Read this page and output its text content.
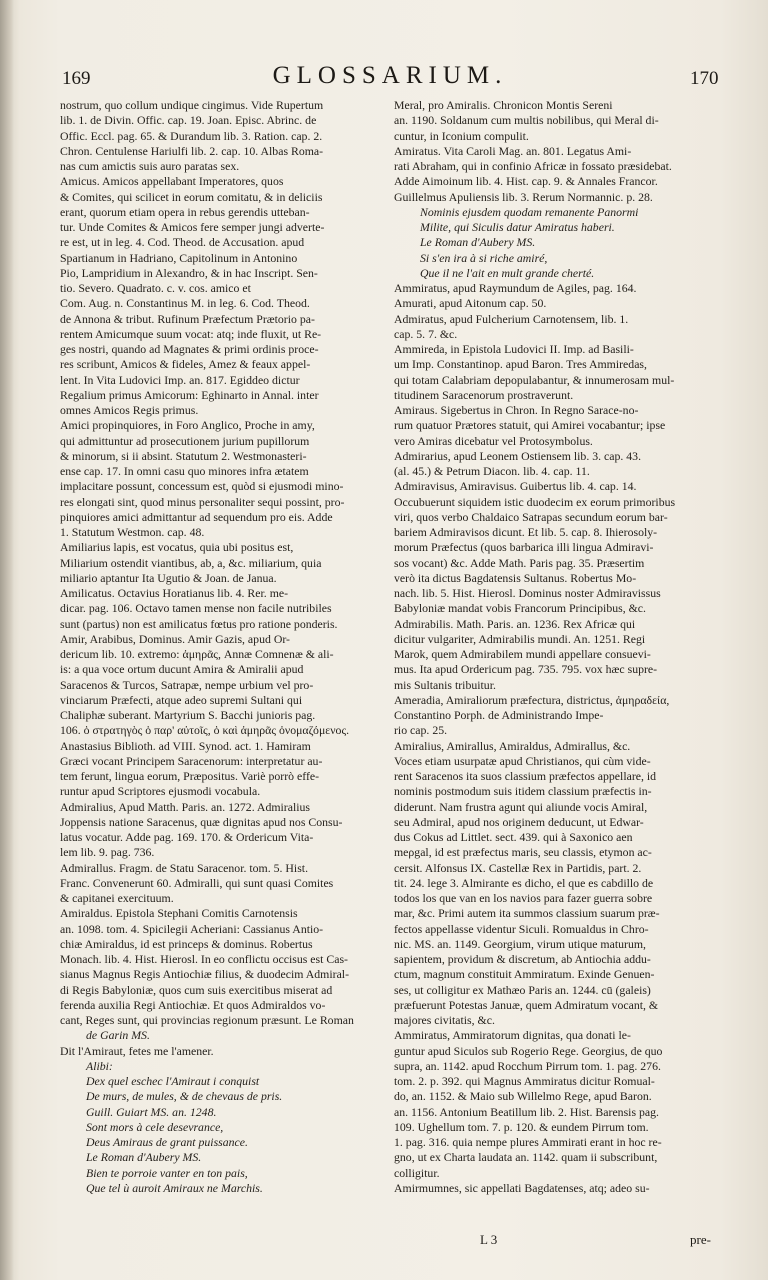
169	GLOSSARIUM.	170

nostrum, quo collum undique cingimus. Vide Rupertum

lib. 1. de Divin. Offic. cap. 19. Joan. Episc. Abrinc. de

Offic. Eccl. pag. 65. & Durandum lib. 3. Ration. cap. 2.

Chron. Centulense Hariulfi lib. 2. cap. 10. Albas Roma-

nas cum amictis suis auro paratas sex.

Amicus. Amicos appellabant Imperatores, quos

& Comites, qui scilicet in eorum comitatu, & in deliciis

erant, quorum etiam opera in rebus gerendis utteban-

tur. Unde Comites & Amicos fere semper jungi adverte-

re est, ut in leg. 4. Cod. Theod. de Accusation. apud

Spartianum in Hadriano, Capitolinum in Antonino

Pio, Lampridium in Alexandro, & in hac Inscript. Sen-

tio. Severo. Quadrato. c. v. cos. amico et

Com. Aug. n. Constantinus M. in leg. 6. Cod. Theod.

de Annona & tribut. Rufinum Præfectum Prætorio pa-

rentem Amicumque suum vocat: atq; inde fluxit, ut Re-

ges nostri, quando ad Magnates & primi ordinis proce-

res scribunt, Amicos & fideles, Amez & feaux appel-

lent. In Vita Ludovici Imp. an. 817. Egiddeo dictur

Regalium primus Amicorum: Eghinarto in Annal. inter

omnes Amicos Regis primus.

Amici propinquiores, in Foro Anglico, Proche in amy,

qui admittuntur ad prosecutionem jurium pupillorum

& minorum, si ii absint. Statutum 2. Westmonasteri-

ense cap. 17. In omni casu quo minores infra ætatem

implacitare possunt, concessum est, quòd si ejusmodi mino-

res elongati sint, quod minus personaliter sequi possint, pro-

pinquiores amici admittantur ad sequendum pro eis. Adde

1. Statutum Westmon. cap. 48.

Amiliarius lapis, est vocatus, quia ubi positus est,

Miliarium ostendit viantibus, ab, a, &c. miliarium, quia

miliario aptantur Ita Ugutio & Joan. de Janua.

Amilicatus. Octavius Horatianus lib. 4. Rer. me-

dicar. pag. 106. Octavo tamen mense non facile nutribiles

sunt (partus) non est amilicatus fœtus pro ratione ponderis.

Amir, Arabibus, Dominus. Amir Gazis, apud Or-

dericum lib. 10. extremo: ἀμηρᾶς, Annæ Comnenæ & ali-

is: a qua voce ortum ducunt Amira & Amiralii apud

Saracenos & Turcos, Satrapæ, nempe urbium vel pro-

vinciarum Præfecti, atque adeo supremi Sultani qui

Chaliphæ suberant. Martyrium S. Bacchi junioris pag.

106. ὁ στρατηγὸς ὁ παρ' αὐτοῖς, ὁ καὶ ἀμηρᾶς ὀνομαζόμενος.

Anastasius Biblioth. ad VIII. Synod. act. 1. Hamiram

Græci vocant Principem Saracenorum: interpretatur au-

tem ferunt, lingua eorum, Præpositus. Variè porrò effe-

runtur apud Scriptores ejusmodi vocabula.

Admiralius, Apud Matth. Paris. an. 1272. Admiralius

Joppensis natione Saracenus, quæ dignitas apud nos Consu-

latus vocatur. Adde pag. 169. 170. & Ordericum Vita-

lem lib. 9. pag. 736.

Admirallus. Fragm. de Statu Saracenor. tom. 5. Hist.

Franc. Convenerunt 60. Admiralli, qui sunt quasi Comites

& capitanei exercituum.

Amiraldus. Epistola Stephani Comitis Carnotensis

an. 1098. tom. 4. Spicilegii Acheriani: Cassianus Antio-

chiæ Amiraldus, id est princeps & dominus. Robertus

Monach. lib. 4. Hist. Hierosl. In eo conflictu occisus est Cas-

sianus Magnus Regis Antiochiæ filius, & duodecim Admiral-

di Regis Babyloniæ, quos cum suis exercitibus miserat ad

ferenda auxilia Regi Antiochiæ. Et quos Admiraldos vo-

cant, Reges sunt, qui provincias regionum præsunt. Le Roman

de Garin MS.

Dit l'Amiraut, fetes me l'amener.

Alibi:

Dex quel eschec l'Amiraut i conquist

De murs, de mules, & de chevaus de pris.

Guill. Guiart MS. an. 1248.

Sont mors à cele desevrance,

Deus Amiraus de grant puissance.

Le Roman d'Aubery MS.

Bien te porroie vanter en ton pais,

Que tel ù auroit Amiraux ne Marchis.

Meral, pro Amiralis. Chronicon Montis Sereni

an. 1190. Soldanum cum multis nobilibus, qui Meral di-

cuntur, in Iconium compulit.

Amiratus. Vita Caroli Mag. an. 801. Legatus Ami-

rati Abraham, qui in confinio Africæ in fossato præsidebat.

Adde Aimoinum lib. 4. Hist. cap. 9. & Annales Francor.

Guillelmus Apuliensis lib. 3. Rerum Normannic. p. 28.

Nominis ejusdem quodam remanente Panormi

Milite, qui Siculis datur Amiratus haberi.

Le Roman d'Aubery MS.

Si s'en ira à si riche amiré,

Que il ne l'ait en mult grande cherté.

Ammiratus, apud Raymundum de Agiles, pag. 164.

Amurati, apud Aitonum cap. 50.

Admiratus, apud Fulcherium Carnotensem, lib. 1.

cap. 5. 7. &c.

Ammireda, in Epistola Ludovici II. Imp. ad Basili-

um Imp. Constantinop. apud Baron. Tres Ammiredas,

qui totam Calabriam depopulabantur, & innumerosam mul-

titudinem Saracenorum prostraverunt.

Amiraus. Sigebertus in Chron. In Regno Sarace-no-

rum quatuor Prætores statuit, qui Amirei vocabantur; ipse

vero Amiras dicebatur vel Protosymbolus.

Admirarius, apud Leonem Ostiensem lib. 3. cap. 43.

(al. 45.) & Petrum Diacon. lib. 4. cap. 11.

Admiravisus, Amiravisus. Guibertus lib. 4. cap. 14.

Occubuerunt siquidem istic duodecim ex eorum primoribus

viri, quos verbo Chaldaico Satrapas secundum eorum bar-

bariem Admiravisos dicunt. Et lib. 5. cap. 8. Ihierosoly-

morum Præfectus (quos barbarica illi lingua Admiravi-

sos vocant) &c. Adde Math. Paris pag. 35. Præsertim

verò ita dictus Bagdatensis Sultanus. Robertus Mo-

nach. lib. 5. Hist. Hierosl. Dominus noster Admiravissus

Babyloniæ mandat vobis Francorum Principibus, &c.

Admirabilis. Math. Paris. an. 1236. Rex Africæ qui

dicitur vulgariter, Admirabilis mundi. An. 1251. Regi

Marok, quem Admirabilem mundi appellare consuevi-

mus. Ita apud Ordericum pag. 735. 795. vox hæc supre-

mis Sultanis tribuitur.

Ameradia, Amiraliorum præfectura, districtus, ἀμηραδεία,

Constantino Porph. de Administrando Impe-

rio cap. 25.

Amiralius, Amirallus, Amiraldus, Admirallus, &c.

Voces etiam usurpatæ apud Christianos, qui cùm vide-

rent Saracenos ita suos classium præfectos appellare, id

nominis postmodum suis itidem classium præfectis in-

diderunt. Nam frustra agunt qui aliunde vocis Amiral,

seu Admiral, apud nos originem deducunt, ut Edwar-

dus Cokus ad Littlet. sect. 439. qui à Saxonico aen

meρgal, id est præfectus maris, seu classis, etymon ac-

cersit. Alfonsus IX. Castellæ Rex in Partidis, part. 2.

tit. 24. lege 3. Almirante es dicho, el que es cabdillo de

todos los que van en los navios para fazer guerra sobre

mar, &c. Primi autem ita summos classium suarum præ-

fectos appellasse videntur Siculi. Romualdus in Chro-

nic. MS. an. 1149. Georgium, virum utique maturum,

sapientem, providum & discretum, ab Antiochia addu-

ctum, magnum constituit Ammiratum. Exinde Genuen-

ses, ut colligitur ex Mathæo Paris an. 1244. cū (galeis)

præfuerunt Potestas Januæ, quem Admiratum vocant, &

majores civitatis, &c.

Ammiratus, Ammiratorum dignitas, qua donati le-

guntur apud Siculos sub Rogerio Rege. Georgius, de quo

supra, an. 1142. apud Rocchum Pirrum tom. 1. pag. 276.

tom. 2. p. 392. qui Magnus Ammiratus dicitur Romual-

do, an. 1152. & Maio sub Willelmo Rege, apud Baron.

an. 1156. Antonium Beatillum lib. 2. Hist. Barensis pag.

109. Ughellum tom. 7. p. 120. & eundem Pirrum tom.

1. pag. 316. quia nempe plures Ammirati erant in hoc re-

gno, ut ex Charta laudata an. 1142. quam ii subscribunt,

colligitur.

Amirmumnes, sic appellati Bagdatenses, atq; adeo su-

L 3	pre-
